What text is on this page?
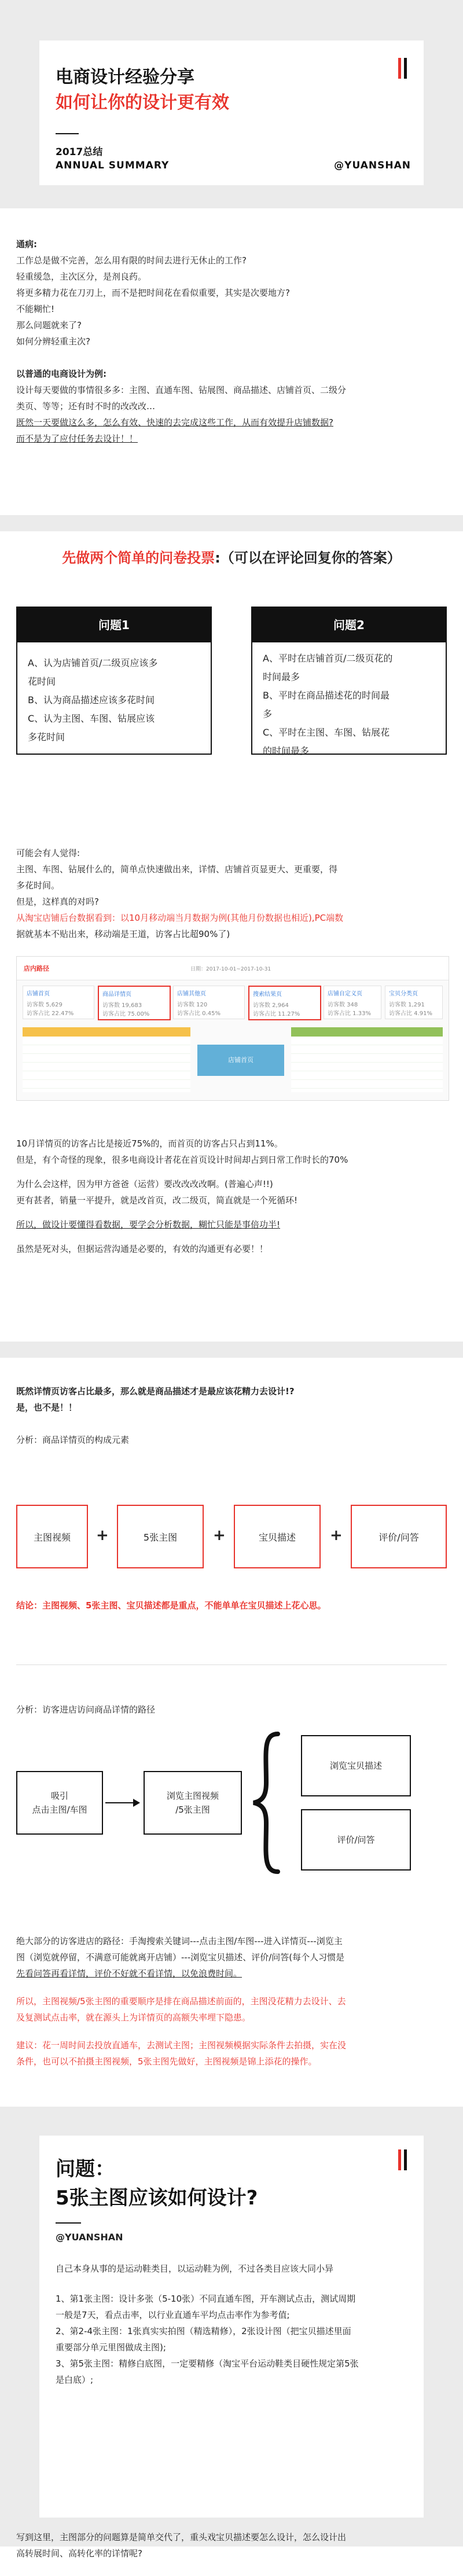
电商设计经验分享
如何让你的设计更有效
2017总结
ANNUAL SUMMARY	@YUANSHAN

通病:

工作总是做不完善，怎么用有限的时间去进行无休止的工作?

轻重缓急，主次区分，是剂良药。

将更多精力花在刀刃上，而不是把时间花在看似重要，其实是次要地方?

不能糊忙!

那么问题就来了?

如何分辨轻重主次?

以普通的电商设计为例:

设计每天要做的事情很多多：主图、直通车图、钻展图、商品描述、店铺首页、二级分

类页、等等；还有时不时的改改改…

既然一天要做这么多，怎么有效、快速的去完成这些工作，从而有效提升店铺数据?

而不是为了应付任务去设计！！

先做两个简单的问卷投票:（可以在评论回复你的答案）
问题1
A、认为店铺首页/二级页应该多
花时间
B、认为商品描述应该多花时间
C、认为主图、车图、钻展应该
多花时间
问题2
A、平时在店铺首页/二级页花的
时间最多
B、平时在商品描述花的时间最
多
C、平时在主图、车图、钻展花
的时间最多

可能会有人觉得:

主图、车图、钻展什么的，简单点快速做出来，详情、店铺首页显更大、更重要，得

多花时间。

但是，这样真的对吗?

从淘宝店铺后台数据看到：以10月移动端当月数据为例(其他月份数据也相近),PC端数

据就基本不贴出来，移动端是王道，访客占比超90%了)

店内路径	日期：2017-10-01~2017-10-31
店铺首页
访客数 5,629
访客占比 22.47%
商品详情页
访客数 19,683
访客占比 75.00%
店铺其他页
访客数 120
访客占比 0.45%
搜索结果页
访客数 2,964
访客占比 11.27%
店铺自定义页
访客数 348
访客占比 1.33%
宝贝分类页
访客数 1,291
访客占比 4.91%
店铺首页

10月详情页的访客占比是接近75%的，而首页的访客占只占到11%。

但是，有个奇怪的现象，很多电商设计者花在首页设计时间却占到日常工作时长的70%

为什么会这样，因为甲方爸爸（运营）要改改改改啊。(普遍心声!!)

更有甚者，销量一平提升，就是改首页，改二级页，简直就是一个死循环!

所以，做设计要懂得看数据，要学会分析数据，糊忙只能是事倍功半!

虽然是死对头，但据运营沟通是必要的，有效的沟通更有必要！！

既然详情页访客占比最多，那么就是商品描述才是最应该花精力去设计!?

是，也不是！！

分析：商品详情页的构成元素

主图视频	+	5张主图	+	宝贝描述	+	评价/问答

结论：主图视频、5张主图、宝贝描述都是重点，不能单单在宝贝描述上花心思。

分析：访客进店访问商品详情的路径
吸引
点击主图/车图
浏览主图视频
/5张主图
浏览宝贝描述
评价/问答

绝大部分的访客进店的路径：手淘搜索关键词---点击主图/车图---进入详情页---浏览主

图（浏览就停留，不满意可能就离开店铺）---浏览宝贝描述、评价/问答(每个人习惯是

先看问答再看详情，评价不好就不看详情，以免浪费时间。

所以，主图视频/5张主图的重要顺序是排在商品描述前面的，主图没花精力去设计、去

及复测试点击率，就在源头上为详情页的高额失率埋下隐患。

建议：花一周时间去投放直通车，去测试主图；主图视频模据实际条件去拍摄，实在没

条件，也可以不拍摄主图视频，5张主图先做好，主图视频是锦上添花的操作。

问题：
5张主图应该如何设计?
@YUANSHAN

自己本身从事的是运动鞋类目，以运动鞋为例，不过各类目应该大同小异

1、第1张主图：设计多张（5-10张）不同直通车图，开车测试点击，测试周期

一般是7天，看点击率，以行业直通车平均点击率作为参考值;

2、第2-4张主图：1张真实实拍图（精选精修），2张设计图（把宝贝描述里面

重要部分单元里图做成主图);

3、第5张主图：精修白底图，一定要精修（淘宝平台运动鞋类目硬性规定第5张

是白底）;

写到这里，主图部分的问题算是简单交代了，重头戏宝贝描述要怎么设计，怎么设计出

高转展时间、高转化率的详情呢?
